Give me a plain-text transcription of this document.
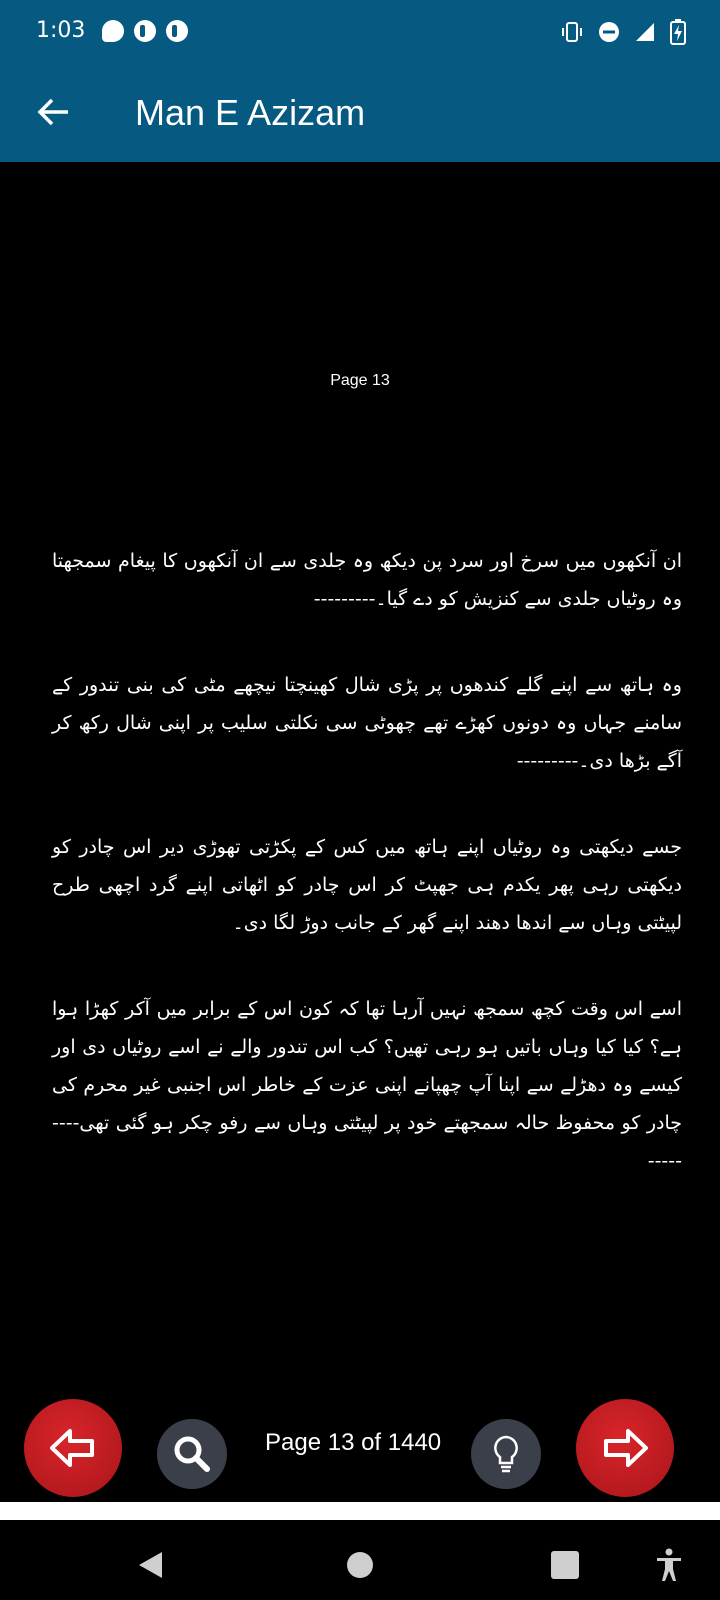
1:03
Man E Azizam
Page 13

ان آنکھوں میں سرخ اور سرد پن دیکھ وہ جلدی سے ان آنکھوں کا پیغام سمجھتا وہ روٹیاں جلدی سے کنزیش کو دے گیا۔---------

وہ ہاتھ سے اپنے گلے کندھوں پر پڑی شال کھینچتا نیچھے مٹی کی بنی تندور کے سامنے جہاں وہ دونوں کھڑے تھے چھوٹی سی نکلتی سلیب پر اپنی شال رکھ کر آگے بڑھا دی۔---------

جسے دیکھتی وہ روٹیاں اپنے ہاتھ میں کس کے پکڑتی تھوڑی دیر اس چادر کو دیکھتی رہی پھر یکدم ہی جھپٹ کر اس چادر کو اٹھاتی اپنے گرد اچھی طرح لپیٹتی وہاں سے اندھا دھند اپنے گھر کے جانب دوڑ لگا دی۔

اسے اس وقت کچھ سمجھ نہیں آرہا تھا کہ کون اس کے برابر میں آکر کھڑا ہوا ہے؟ کیا کیا وہاں باتیں ہو رہی تھیں؟ کب اس تندور والے نے اسے روٹیاں دی اور کیسے وہ دھڑلے سے اپنا آپ چھپانے اپنی عزت کے خاطر اس اجنبی غیر محرم کی چادر کو محفوظ حالہ سمجھتے خود پر لپیٹتی وہاں سے رفو چکر ہو گئی تھی---------

Page 13 of 1440
